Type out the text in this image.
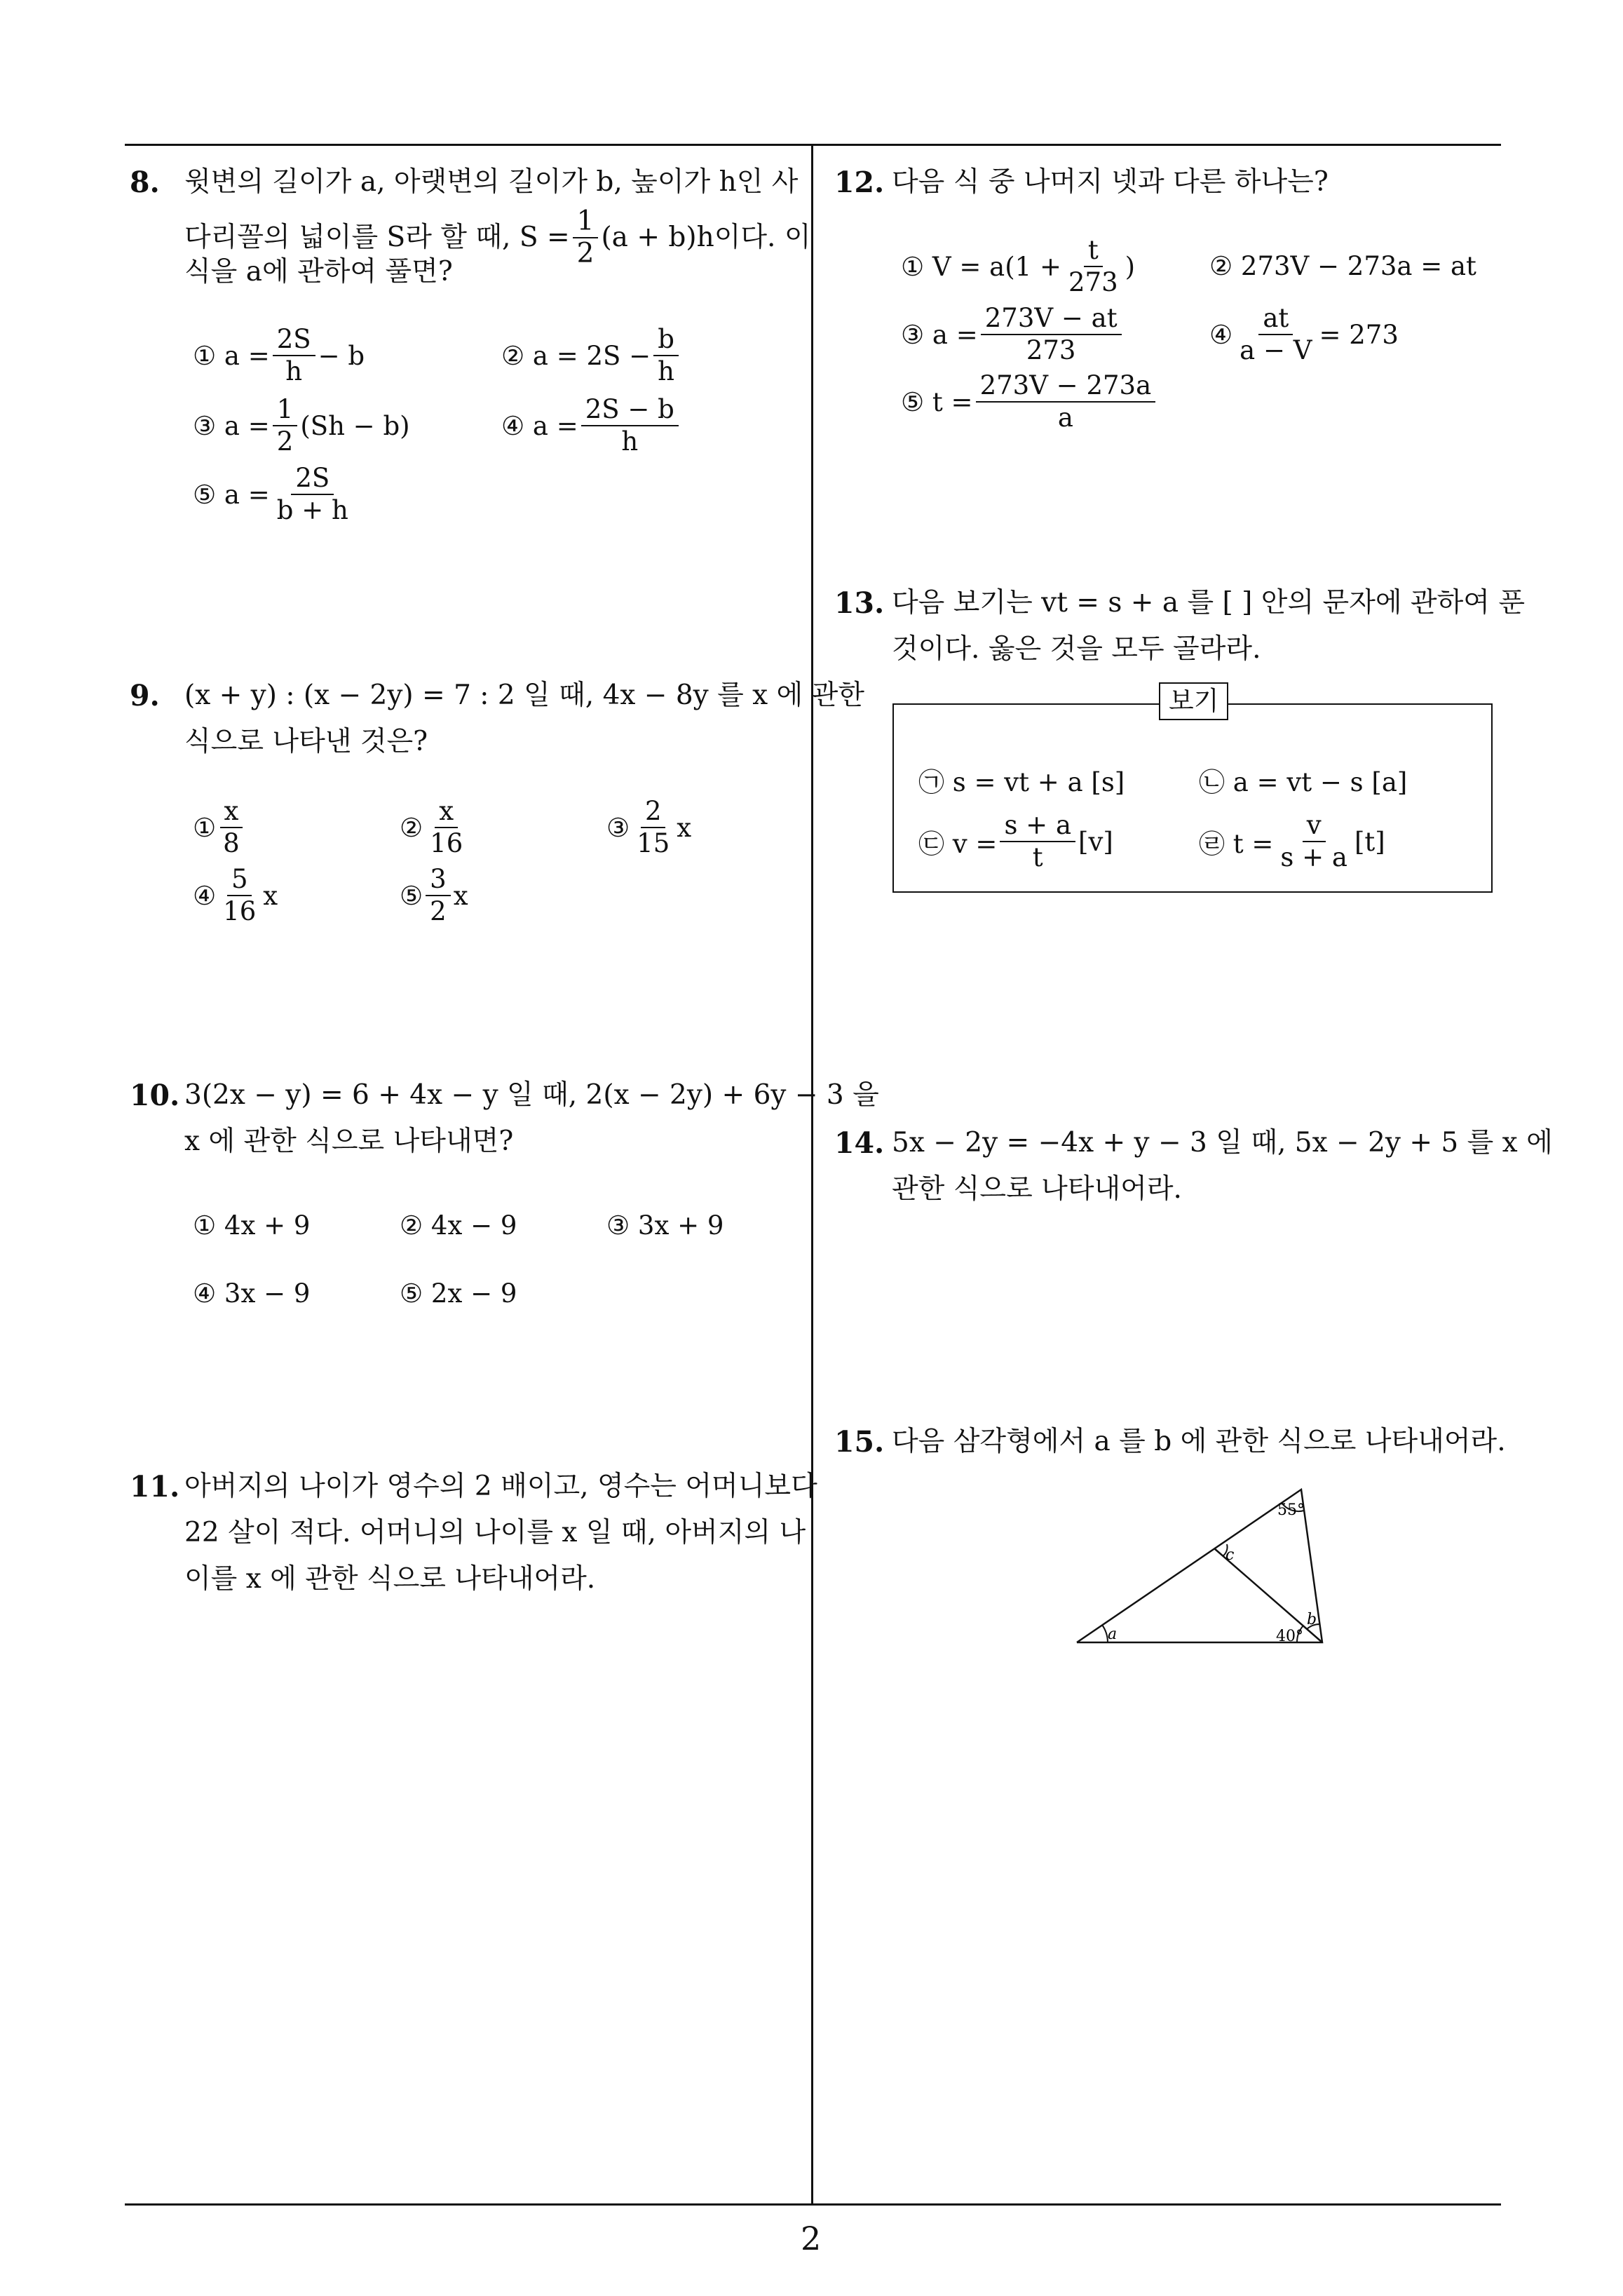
2
8. 윗변의 길이가 a, 아랫변의 길이가 b, 높이가 h인 사
다리꼴의 넓이를 S라 할 때, $S = \frac{1}{2} (a + b)h$이다. 이
식을 a에 관하여 풀면?
① $a = \frac{2S}{h} - b$	② $a = 2S - \frac{b}{h}$
③ $a = \frac{1}{2} (Sh - b)$	④ $a = \frac{2S - b}{h}$
⑤ $a = \frac{2S}{b + h}$
9. (x + y) : (x − 2y) = 7 : 2 일 때, 4x − 8y 를 x 에 관한
식으로 나타낸 것은?
① $\frac{x}{8}$	② $\frac{x}{16}$	③ $\frac{2}{15}$ x
④ $\frac{5}{16}$ x	⑤ $\frac{3}{2}$ x
10. 3(2x − y) = 6 + 4x − y 일 때, 2(x − 2y) + 6y − 3 을
x 에 관한 식으로 나타내면?
① 4x + 9	② 4x − 9	③ 3x + 9
④ 3x − 9	⑤ 2x − 9
11. 아버지의 나이가 영수의 2 배이고, 영수는 어머니보다
22 살이 적다. 어머니의 나이를 x 일 때, 아버지의 나
이를 x 에 관한 식으로 나타내어라.
12. 다음 식 중 나머지 넷과 다른 하나는?
① $V = a(1 + \frac{t}{273}$ )	② 273V − 273a = at
③ $a = \frac{273V - at}{273}$	④ $\frac{at}{a - V} = 273$
⑤ $t = \frac{273V - 273a}{a}$
13. 다음 보기는 vt = s + a 를 [ ] 안의 문자에 관하여 푼
것이다. 옳은 것을 모두 골라라.
보기
㉠ s = vt + a [s]	㉡ a = vt − s [a]
㉢ $v = \frac{s + a}{t} [v]$	㉣ $t = \frac{v}{s + a} [t]$
14. 5x − 2y = −4x + y − 3 일 때, 5x − 2y + 5 를 x 에
관한 식으로 나타내어라.
15. 다음 삼각형에서 a 를 b 에 관한 식으로 나타내어라.
55°
c
a
b
40°
